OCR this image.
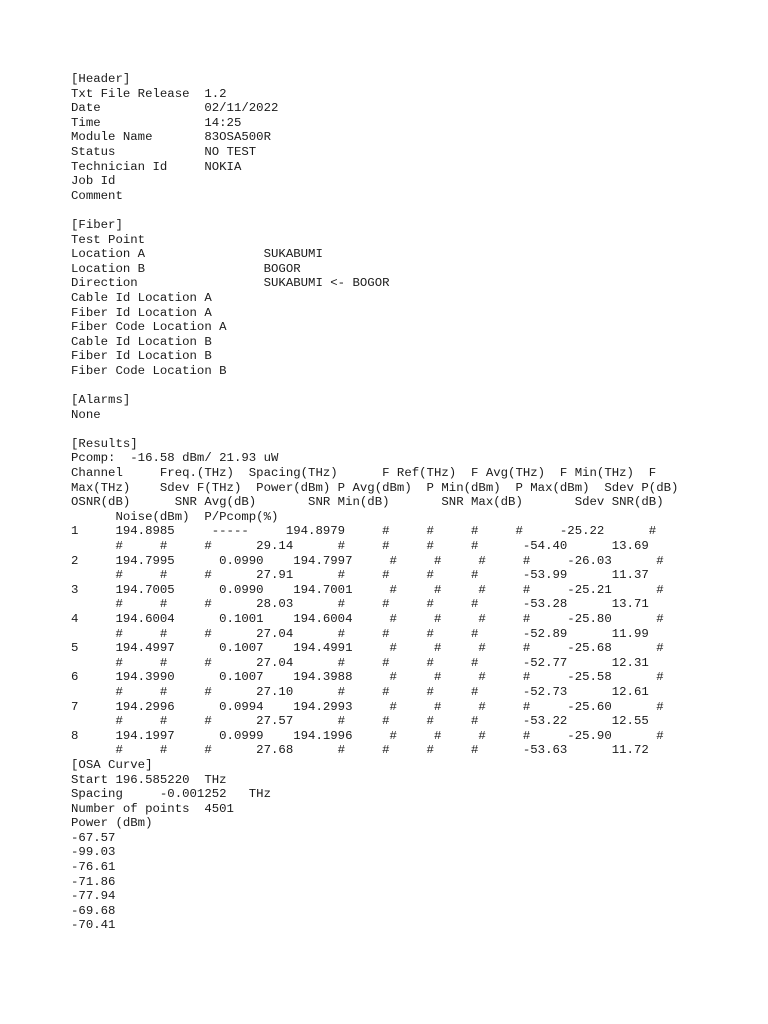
[Header]
Txt File Release  1.2
Date              02/11/2022
Time              14:25
Module Name       83OSA500R
Status            NO TEST
Technician Id     NOKIA
Job Id
Comment
[Fiber]
Test Point
Location A                SUKABUMI
Location B                BOGOR
Direction                 SUKABUMI <- BOGOR
Cable Id Location A
Fiber Id Location A
Fiber Code Location A
Cable Id Location B
Fiber Id Location B
Fiber Code Location B
[Alarms]
None
[Results]
Pcomp:  -16.58 dBm/ 21.93 uW
Channel     Freq.(THz)  Spacing(THz)      F Ref(THz)  F Avg(THz)  F Min(THz)  F
Max(THz)    Sdev F(THz)  Power(dBm) P Avg(dBm)  P Min(dBm)  P Max(dBm)  Sdev P(dB)
OSNR(dB)      SNR Avg(dB)       SNR Min(dB)       SNR Max(dB)       Sdev SNR(dB)
Noise(dBm)  P/Pcomp(%)
1     194.8985     -----     194.8979     #     #     #     #     -25.22      #
#     #     #      29.14      #     #     #     #      -54.40      13.69
2     194.7995      0.0990    194.7997     #     #     #     #     -26.03      #
#     #     #      27.91      #     #     #     #      -53.99      11.37
3     194.7005      0.0990    194.7001     #     #     #     #     -25.21      #
#     #     #      28.03      #     #     #     #      -53.28      13.71
4     194.6004      0.1001    194.6004     #     #     #     #     -25.80      #
#     #     #      27.04      #     #     #     #      -52.89      11.99
5     194.4997      0.1007    194.4991     #     #     #     #     -25.68      #
#     #     #      27.04      #     #     #     #      -52.77      12.31
6     194.3990      0.1007    194.3988     #     #     #     #     -25.58      #
#     #     #      27.10      #     #     #     #      -52.73      12.61
7     194.2996      0.0994    194.2993     #     #     #     #     -25.60      #
#     #     #      27.57      #     #     #     #      -53.22      12.55
8     194.1997      0.0999    194.1996     #     #     #     #     -25.90      #
#     #     #      27.68      #     #     #     #      -53.63      11.72
[OSA Curve]
Start 196.585220  THz
Spacing     -0.001252   THz
Number of points  4501
Power (dBm)
-67.57
-99.03
-76.61
-71.86
-77.94
-69.68
-70.41
